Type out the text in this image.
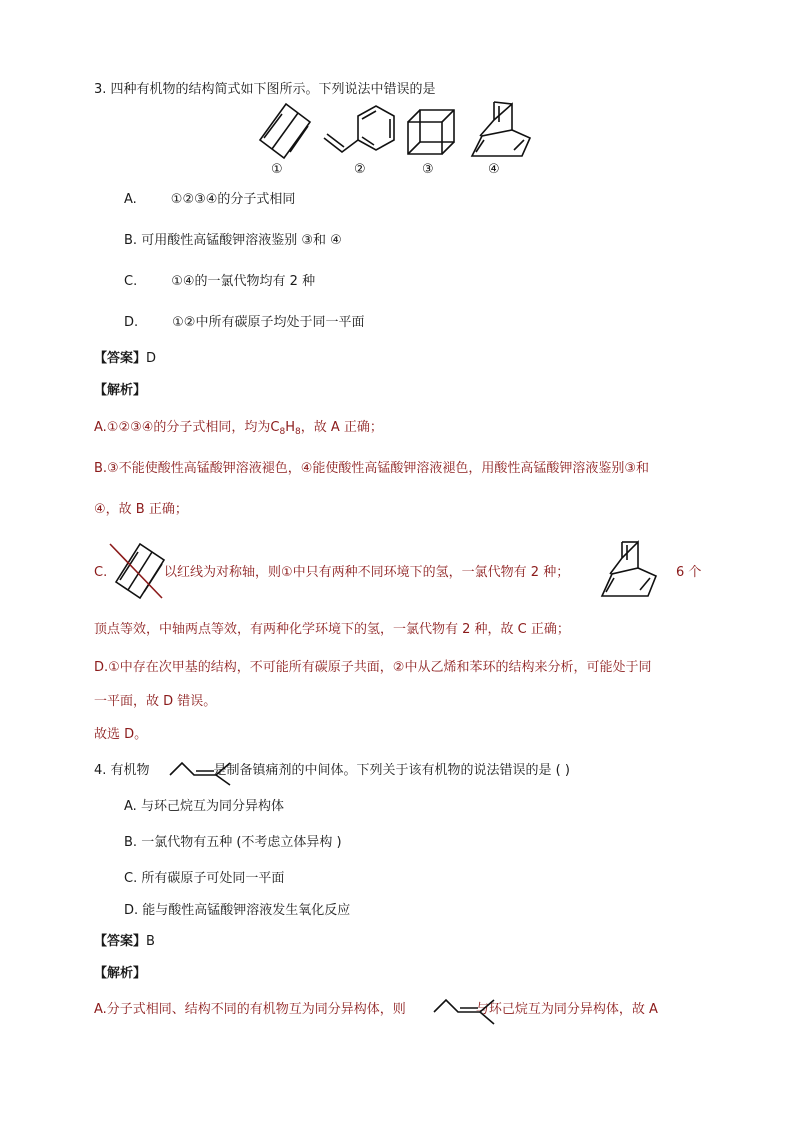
3. 四种有机物的结构简式如下图所示。下列说法中错误的是
①	②	③	④
A.	①②③④的分子式相同
B. 可用酸性高锰酸钾溶液鉴别 ③和 ④
C.	①④的一氯代物均有 2 种
D.	①②中所有碳原子均处于同一平面
【答案】D
【解析】
A.①②③④的分子式相同，均为$C_8H_8$，故 A 正确；
B.③不能使酸性高锰酸钾溶液褪色，④能使酸性高锰酸钾溶液褪色，用酸性高锰酸钾溶液鉴别③和
④，故 B 正确；
C.	以红线为对称轴，则①中只有两种不同环境下的氢，一氯代物有 2 种；	6 个
顶点等效，中轴两点等效，有两种化学环境下的氢，一氯代物有 2 种，故 C 正确；
D.①中存在次甲基的结构，不可能所有碳原子共面，②中从乙烯和苯环的结构来分析，可能处于同
一平面，故 D 错误。
故选 D。
4. 有机物	是制备镇痛剂的中间体。下列关于该有机物的说法错误的是 ( )
A. 与环己烷互为同分异构体
B. 一氯代物有五种 (不考虑立体异构 )
C. 所有碳原子可处同一平面
D. 能与酸性高锰酸钾溶液发生氧化反应
【答案】B
【解析】
A.分子式相同、结构不同的有机物互为同分异构体，则	与环己烷互为同分异构体，故 A
